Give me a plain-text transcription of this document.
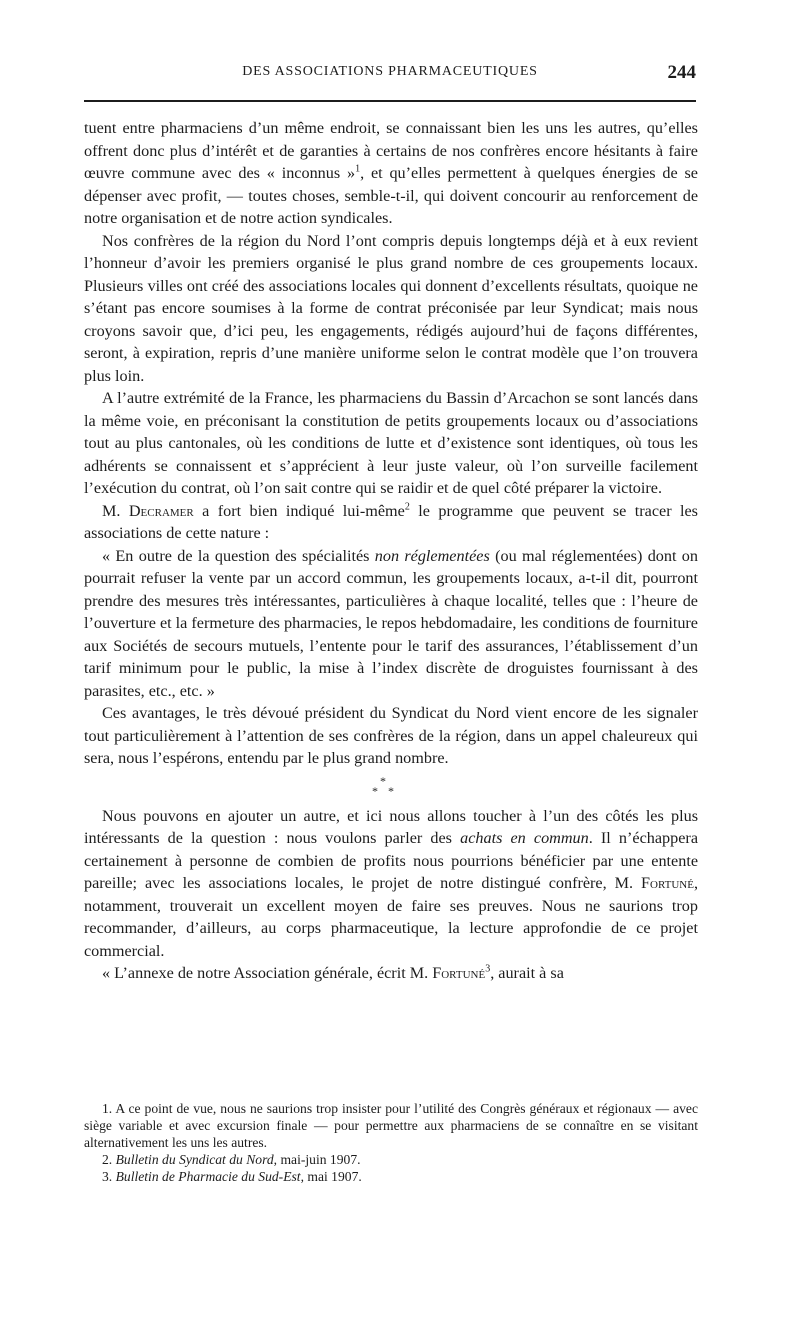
DES ASSOCIATIONS PHARMACEUTIQUES	244

tuent entre pharmaciens d’un même endroit, se connaissant bien les uns les autres, qu’elles offrent donc plus d’intérêt et de garanties à certains de nos confrères encore hésitants à faire œuvre commune avec des « inconnus »$^1$, et qu’elles permettent à quelques énergies de se dépenser avec profit, — toutes choses, semble-t-il, qui doivent concourir au renforcement de notre organisation et de notre action syndicales.

Nos confrères de la région du Nord l’ont compris depuis longtemps déjà et à eux revient l’honneur d’avoir les premiers organisé le plus grand nombre de ces groupements locaux. Plusieurs villes ont créé des associations locales qui donnent d’excellents résultats, quoique ne s’étant pas encore soumises à la forme de contrat préconisée par leur Syndicat; mais nous croyons savoir que, d’ici peu, les engagements, rédigés aujourd’hui de façons différentes, seront, à expiration, repris d’une manière uniforme selon le contrat modèle que l’on trouvera plus loin.

A l’autre extrémité de la France, les pharmaciens du Bassin d’Arcachon se sont lancés dans la même voie, en préconisant la constitution de petits groupements locaux ou d’associations tout au plus cantonales, où les conditions de lutte et d’existence sont identiques, où tous les adhérents se connaissent et s’apprécient à leur juste valeur, où l’on surveille facilement l’exécution du contrat, où l’on sait contre qui se raidir et de quel côté préparer la victoire.

M. Decramer a fort bien indiqué lui-même$^2$ le programme que peuvent se tracer les associations de cette nature :

« En outre de la question des spécialités non réglementées (ou mal réglementées) dont on pourrait refuser la vente par un accord commun, les groupements locaux, a-t-il dit, pourront prendre des mesures très intéressantes, particulières à chaque localité, telles que : l’heure de l’ouverture et la fermeture des pharmacies, le repos hebdomadaire, les conditions de fourniture aux Sociétés de secours mutuels, l’entente pour le tarif des assurances, l’établissement d’un tarif minimum pour le public, la mise à l’index discrète de droguistes fournissant à des parasites, etc., etc. »

Ces avantages, le très dévoué président du Syndicat du Nord vient encore de les signaler tout particulièrement à l’attention de ses confrères de la région, dans un appel chaleureux qui sera, nous l’espérons, entendu par le plus grand nombre.

*
* *

Nous pouvons en ajouter un autre, et ici nous allons toucher à l’un des côtés les plus intéressants de la question : nous voulons parler des achats en commun. Il n’échappera certainement à personne de combien de profits nous pourrions bénéficier par une entente pareille; avec les associations locales, le projet de notre distingué confrère, M. Fortuné, notamment, trouverait un excellent moyen de faire ses preuves. Nous ne saurions trop recommander, d’ailleurs, au corps pharmaceutique, la lecture approfondie de ce projet commercial.

« L’annexe de notre Association générale, écrit M. Fortuné$^3$, aurait à sa

1. A ce point de vue, nous ne saurions trop insister pour l’utilité des Congrès généraux et régionaux — avec siège variable et avec excursion finale — pour permettre aux pharmaciens de se connaître en se visitant alternativement les uns les autres.

2. Bulletin du Syndicat du Nord, mai-juin 1907.

3. Bulletin de Pharmacie du Sud-Est, mai 1907.
